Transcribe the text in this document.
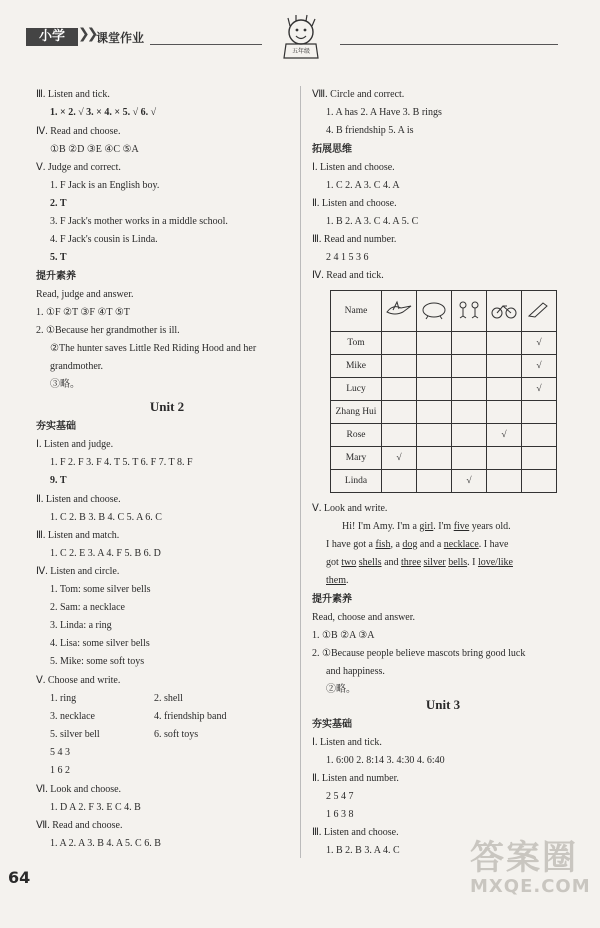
小学 ❯❯ 课堂作业
五年级
Ⅲ. Listen and tick.
1. × 2. √ 3. × 4. × 5. √ 6. √
Ⅳ. Read and choose.
①B ②D ③E ④C ⑤A
Ⅴ. Judge and correct.
1. F Jack is an English boy.
2. T
3. F Jack's mother works in a middle school.
4. F Jack's cousin is Linda.
5. T
提升素养
Read, judge and answer.
1. ①F ②T ③F ④T ⑤T
2. ①Because her grandmother is ill.
②The hunter saves Little Red Riding Hood and her
grandmother.
③略。
Unit 2
夯实基础
Ⅰ. Listen and judge.
1. F 2. F 3. F 4. T 5. T 6. F 7. T 8. F
9. T
Ⅱ. Listen and choose.
1. C 2. B 3. B 4. C 5. A 6. C
Ⅲ. Listen and match.
1. C 2. E 3. A 4. F 5. B 6. D
Ⅳ. Listen and circle.
1. Tom: some silver bells
2. Sam: a necklace
3. Linda: a ring
4. Lisa: some silver bells
5. Mike: some soft toys
Ⅴ. Choose and write.
1. ring	2. shell
3. necklace	4. friendship band
5. silver bell	6. soft toys
5 4 3
1 6 2
Ⅵ. Look and choose.
1. D A 2. F 3. E C 4. B
Ⅶ. Read and choose.
1. A 2. A 3. B 4. A 5. C 6. B
Ⅷ. Circle and correct.
1. A has 2. A Have 3. B rings
4. B friendship 5. A is
拓展思维
Ⅰ. Listen and choose.
1. C 2. A 3. C 4. A
Ⅱ. Listen and choose.
1. B 2. A 3. C 4. A 5. C
Ⅲ. Read and number.
2 4 1 5 3 6
Ⅳ. Read and tick.
Ⅴ. Look and write.
Hi! I'm Amy. I'm a girl. I'm five years old.
I have got a fish, a dog and a necklace. I have
got two shells and three silver bells. I love/like
them.
提升素养
Read, choose and answer.
1. ①B ②A ③A
2. ①Because people believe mascots bring good luck
and happiness.
②略。
Unit 3
夯实基础
Ⅰ. Listen and tick.
1. 6:00 2. 8:14 3. 4:30 4. 6:40
Ⅱ. Listen and number.
2 5 4 7
1 6 3 8
Ⅲ. Listen and choose.
1. B 2. B 3. A 4. C
Name					
Tom					√
Mike					√
Lucy					√
Zhang Hui					
Rose				√	
Mary	√				
Linda			√		
64	答案圈
MXQE.COM
